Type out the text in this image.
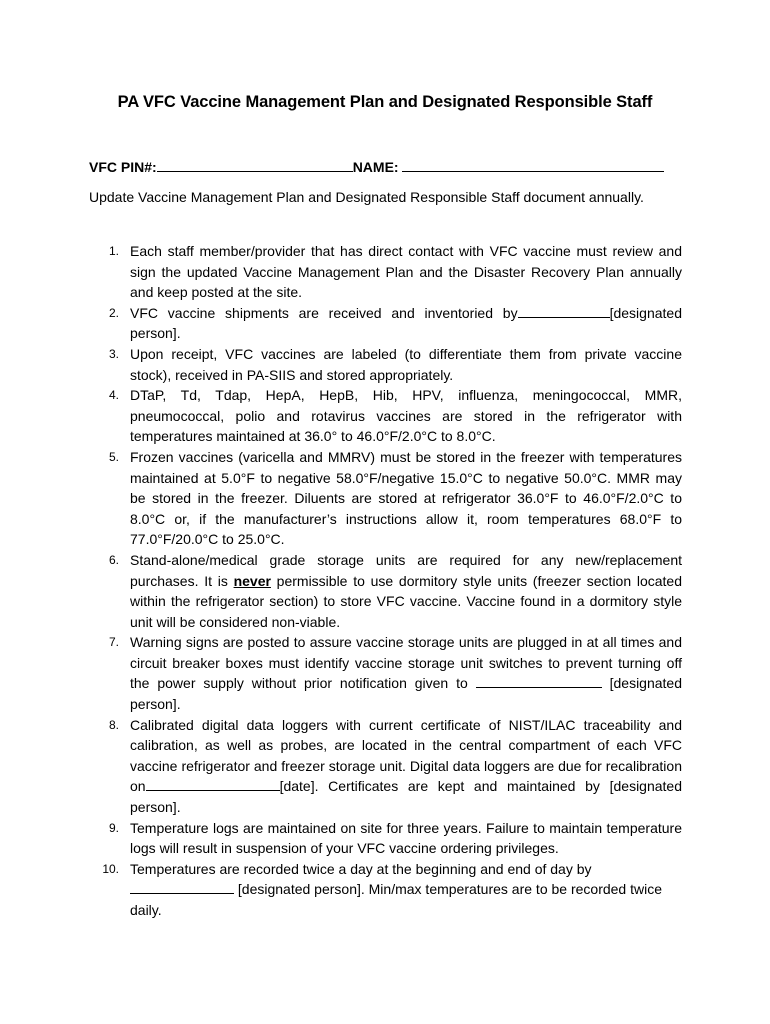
PA VFC Vaccine Management Plan and Designated Responsible Staff
VFC PIN#:	NAME:
Update Vaccine Management Plan and Designated Responsible Staff document annually.
1. Each staff member/provider that has direct contact with VFC vaccine must review and sign the updated Vaccine Management Plan and the Disaster Recovery Plan annually and keep posted at the site.
2. VFC vaccine shipments are received and inventoried by	[designated person].
3. Upon receipt, VFC vaccines are labeled (to differentiate them from private vaccine stock), received in PA-SIIS and stored appropriately.
4. DTaP, Td, Tdap, HepA, HepB, Hib, HPV, influenza, meningococcal, MMR, pneumococcal, polio and rotavirus vaccines are stored in the refrigerator with temperatures maintained at 36.0° to 46.0°F/2.0°C to 8.0°C.
5. Frozen vaccines (varicella and MMRV) must be stored in the freezer with temperatures maintained at 5.0°F to negative 58.0°F/negative 15.0°C to negative 50.0°C. MMR may be stored in the freezer. Diluents are stored at refrigerator 36.0°F to 46.0°F/2.0°C to 8.0°C or, if the manufacturer’s instructions allow it, room temperatures 68.0°F to 77.0°F/20.0°C to 25.0°C.
6. Stand-alone/medical grade storage units are required for any new/replacement purchases. It is never permissible to use dormitory style units (freezer section located within the refrigerator section) to store VFC vaccine. Vaccine found in a dormitory style unit will be considered non-viable.
7. Warning signs are posted to assure vaccine storage units are plugged in at all times and circuit breaker boxes must identify vaccine storage unit switches to prevent turning off the power supply without prior notification given to	[designated person].
8. Calibrated digital data loggers with current certificate of NIST/ILAC traceability and calibration, as well as probes, are located in the central compartment of each VFC vaccine refrigerator and freezer storage unit. Digital data loggers are due for recalibration on	[date]. Certificates are kept and maintained by [designated person].
9. Temperature logs are maintained on site for three years. Failure to maintain temperature logs will result in suspension of your VFC vaccine ordering privileges.
10. Temperatures are recorded twice a day at the beginning and end of day by  [designated person]. Min/max temperatures are to be recorded twice daily.
